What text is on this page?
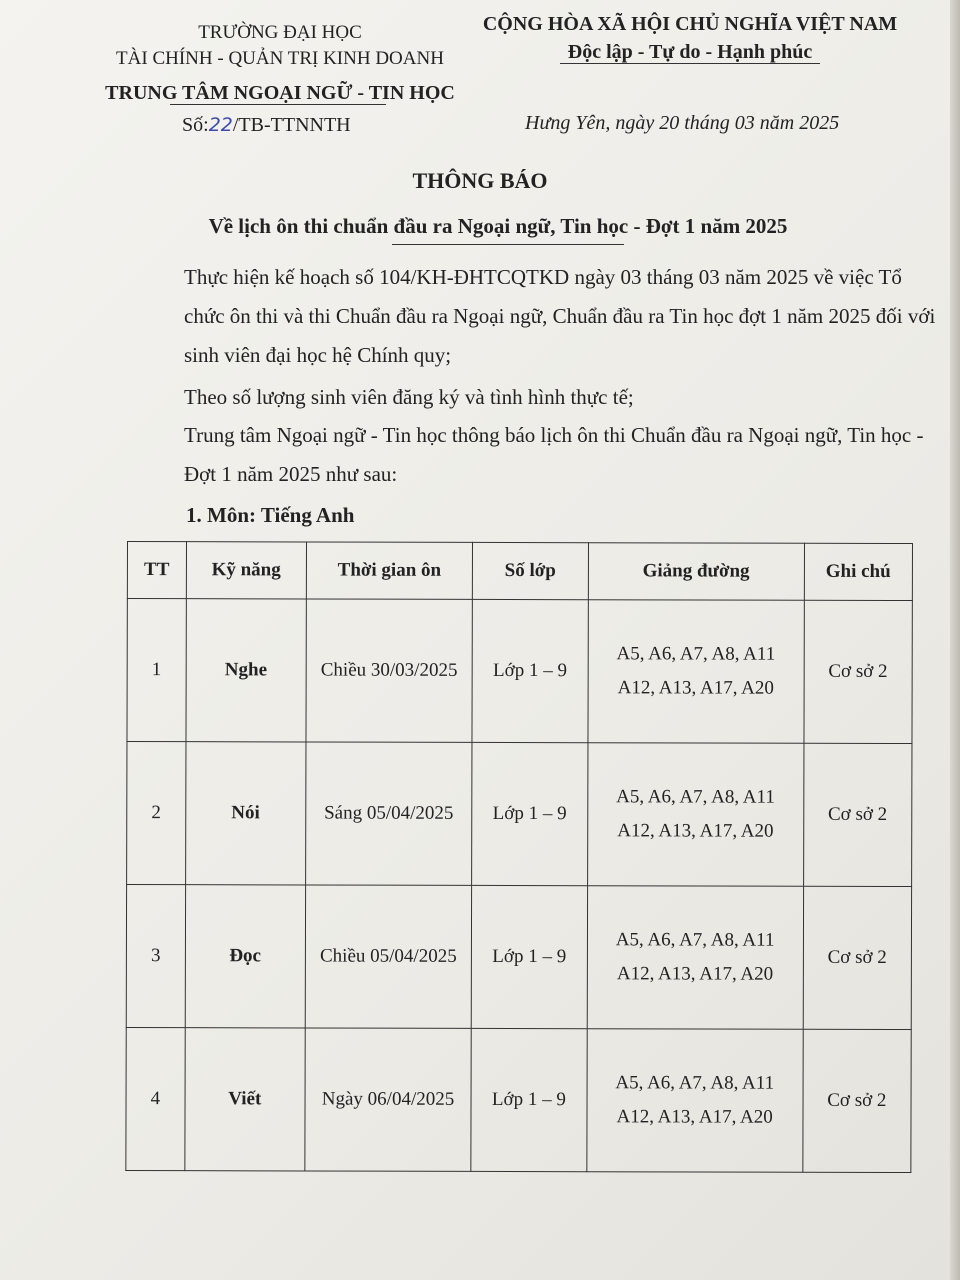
TRƯỜNG ĐẠI HỌC
TÀI CHÍNH - QUẢN TRỊ KINH DOANH
TRUNG TÂM NGOẠI NGỮ - TIN HỌC
CỘNG HÒA XÃ HỘI CHỦ NGHĨA VIỆT NAM
Độc lập - Tự do - Hạnh phúc
Số:22/TB-TTNNTH	Hưng Yên, ngày 20 tháng 03 năm 2025
THÔNG BÁO
Về lịch ôn thi chuẩn đầu ra Ngoại ngữ, Tin học - Đợt 1 năm 2025
Thực hiện kế hoạch số 104/KH-ĐHTCQTKD ngày 03 tháng 03 năm 2025 về việc Tổ chức ôn thi và thi Chuẩn đầu ra Ngoại ngữ, Chuẩn đầu ra Tin học đợt 1 năm 2025 đối với sinh viên đại học hệ Chính quy;
Theo số lượng sinh viên đăng ký và tình hình thực tế;
Trung tâm Ngoại ngữ - Tin học thông báo lịch ôn thi Chuẩn đầu ra Ngoại ngữ, Tin học - Đợt 1 năm 2025 như sau:
1. Môn: Tiếng Anh
TT	Kỹ năng	Thời gian ôn	Số lớp	Giảng đường	Ghi chú
1	Nghe	Chiều 30/03/2025	Lớp 1 – 9	A5, A6, A7, A8, A11
A12, A13, A17, A20	Cơ sở 2
2	Nói	Sáng 05/04/2025	Lớp 1 – 9	A5, A6, A7, A8, A11
A12, A13, A17, A20	Cơ sở 2
3	Đọc	Chiều 05/04/2025	Lớp 1 – 9	A5, A6, A7, A8, A11
A12, A13, A17, A20	Cơ sở 2
4	Viết	Ngày 06/04/2025	Lớp 1 – 9	A5, A6, A7, A8, A11
A12, A13, A17, A20	Cơ sở 2
